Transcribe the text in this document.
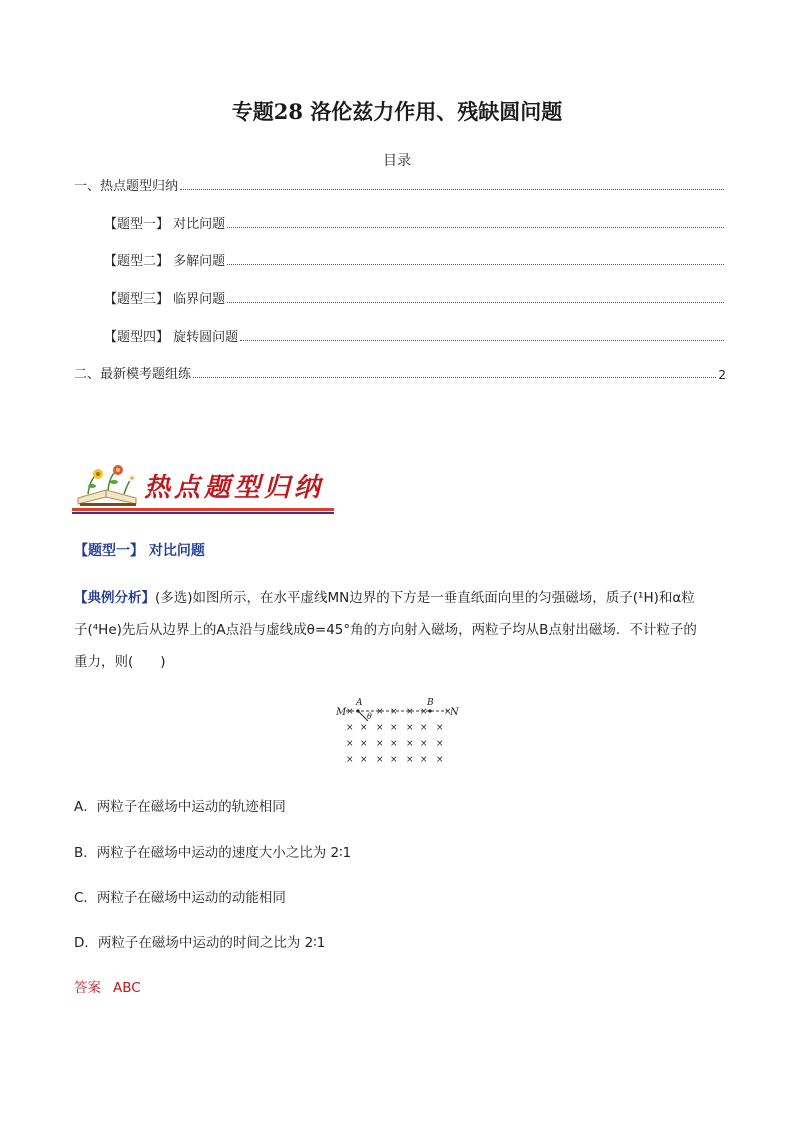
专题28 洛伦兹力作用、残缺圆问题
目录
一、热点题型归纳
【题型一】 对比问题
【题型二】 多解问题
【题型三】 临界问题
【题型四】 旋转圆问题
二、最新模考题组练	2
热点题型归纳
【题型一】 对比问题
【典例分析】(多选)如图所示，在水平虚线MN边界的下方是一垂直纸面向里的匀强磁场，质子(¹H)和α粒
子(⁴He)先后从边界上的A点沿与虚线成θ=45°角的方向射入磁场，两粒子均从B点射出磁场．不计粒子的
重力，则(　　)
M	N
A	B
θ
× × × × × ×
× × × × × × ×
× × × × × × ×
× × × × × × ×
A．两粒子在磁场中运动的轨迹相同
B．两粒子在磁场中运动的速度大小之比为 2∶1
C．两粒子在磁场中运动的动能相同
D．两粒子在磁场中运动的时间之比为 2∶1
答案 ABC
